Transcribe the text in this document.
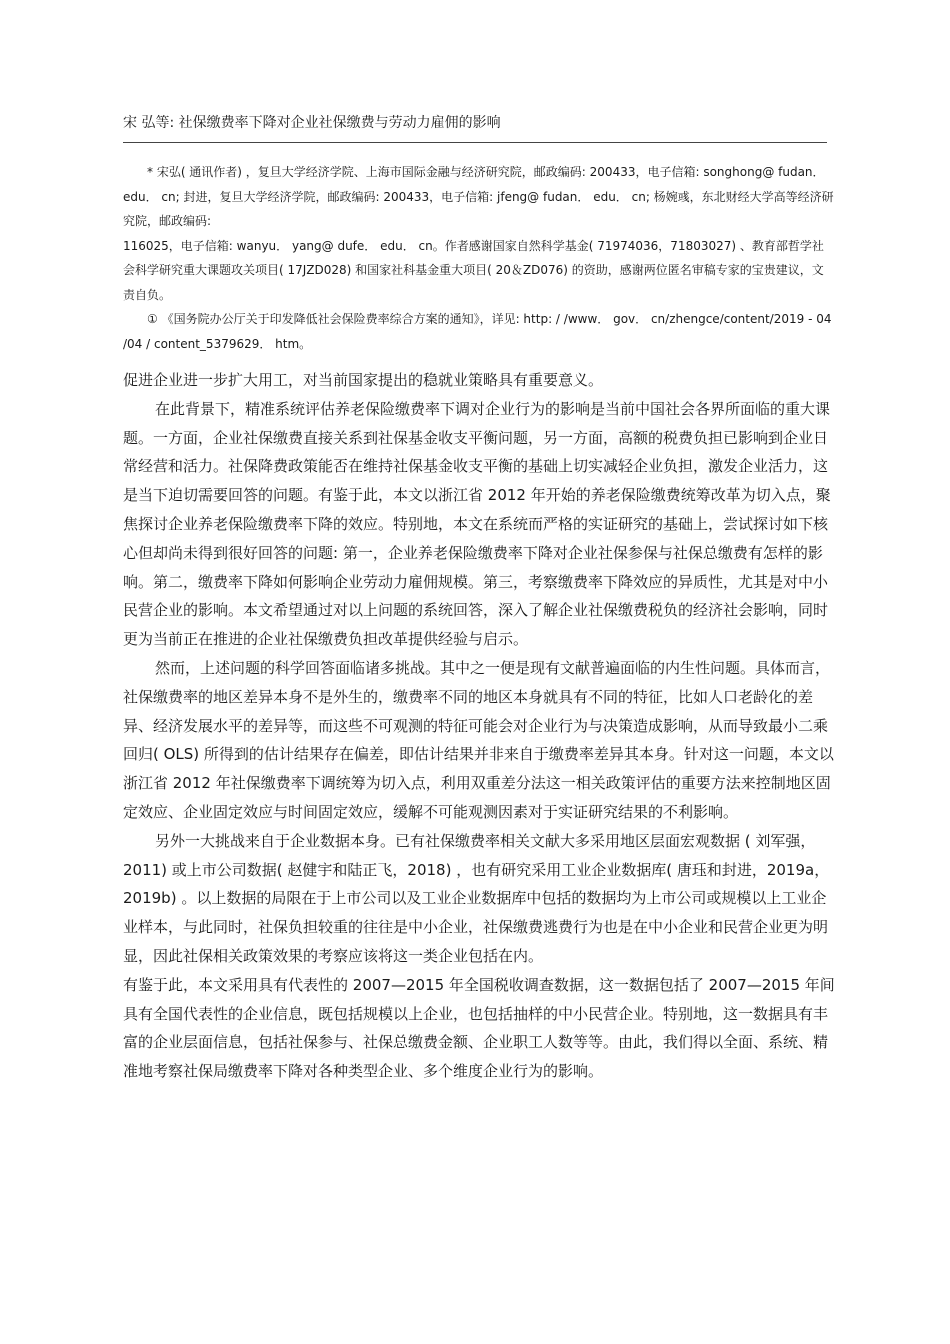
宋 弘等: 社保缴费率下降对企业社保缴费与劳动力雇佣的影响

* 宋弘( 通讯作者) ，复旦大学经济学院、上海市国际金融与经济研究院，邮政编码: 200433，电子信箱: songhong@ fudan． edu． cn; 封进，复旦大学经济学院，邮政编码: 200433，电子信箱: jfeng@ fudan． edu． cn; 杨婉彧，东北财经大学高等经济研究院，邮政编码:

116025，电子信箱: wanyu． yang@ dufe． edu． cn。作者感谢国家自然科学基金( 71974036，71803027) 、教育部哲学社会科学研究重大课题攻关项目( 17JZD028) 和国家社科基金重大项目( 20＆ZD076) 的资助，感谢两位匿名审稿专家的宝贵建议，文责自负。

① 《国务院办公厅关于印发降低社会保险费率综合方案的通知》，详见: http: / /www． gov． cn/zhengce/content/2019 - 04 /04 / content_5379629． htm。

促进企业进一步扩大用工，对当前国家提出的稳就业策略具有重要意义。

在此背景下，精准系统评估养老保险缴费率下调对企业行为的影响是当前中国社会各界所面临的重大课题。一方面，企业社保缴费直接关系到社保基金收支平衡问题，另一方面，高额的税费负担已影响到企业日常经营和活力。社保降费政策能否在维持社保基金收支平衡的基础上切实减轻企业负担，激发企业活力，这是当下迫切需要回答的问题。有鉴于此，本文以浙江省 2012 年开始的养老保险缴费统筹改革为切入点，聚焦探讨企业养老保险缴费率下降的效应。特别地，本文在系统而严格的实证研究的基础上，尝试探讨如下核心但却尚未得到很好回答的问题: 第一，企业养老保险缴费率下降对企业社保参保与社保总缴费有怎样的影响。第二，缴费率下降如何影响企业劳动力雇佣规模。第三，考察缴费率下降效应的异质性，尤其是对中小民营企业的影响。本文希望通过对以上问题的系统回答，深入了解企业社保缴费税负的经济社会影响，同时更为当前正在推进的企业社保缴费负担改革提供经验与启示。

然而，上述问题的科学回答面临诸多挑战。其中之一便是现有文献普遍面临的内生性问题。具体而言，社保缴费率的地区差异本身不是外生的，缴费率不同的地区本身就具有不同的特征，比如人口老龄化的差异、经济发展水平的差异等，而这些不可观测的特征可能会对企业行为与决策造成影响，从而导致最小二乘回归( OLS) 所得到的估计结果存在偏差，即估计结果并非来自于缴费率差异其本身。针对这一问题，本文以浙江省 2012 年社保缴费率下调统筹为切入点，利用双重差分法这一相关政策评估的重要方法来控制地区固定效应、企业固定效应与时间固定效应，缓解不可能观测因素对于实证研究结果的不利影响。

另外一大挑战来自于企业数据本身。已有社保缴费率相关文献大多采用地区层面宏观数据 ( 刘军强，2011) 或上市公司数据( 赵健宇和陆正飞，2018) ，也有研究采用工业企业数据库( 唐珏和封进，2019a，2019b) 。以上数据的局限在于上市公司以及工业企业数据库中包括的数据均为上市公司或规模以上工业企业样本，与此同时，社保负担较重的往往是中小企业，社保缴费逃费行为也是在中小企业和民营企业更为明显，因此社保相关政策效果的考察应该将这一类企业包括在内。

有鉴于此，本文采用具有代表性的 2007—2015 年全国税收调查数据，这一数据包括了 2007—2015 年间具有全国代表性的企业信息，既包括规模以上企业，也包括抽样的中小民营企业。特别地，这一数据具有丰富的企业层面信息，包括社保参与、社保总缴费金额、企业职工人数等等。由此，我们得以全面、系统、精准地考察社保局缴费率下降对各种类型企业、多个维度企业行为的影响。
